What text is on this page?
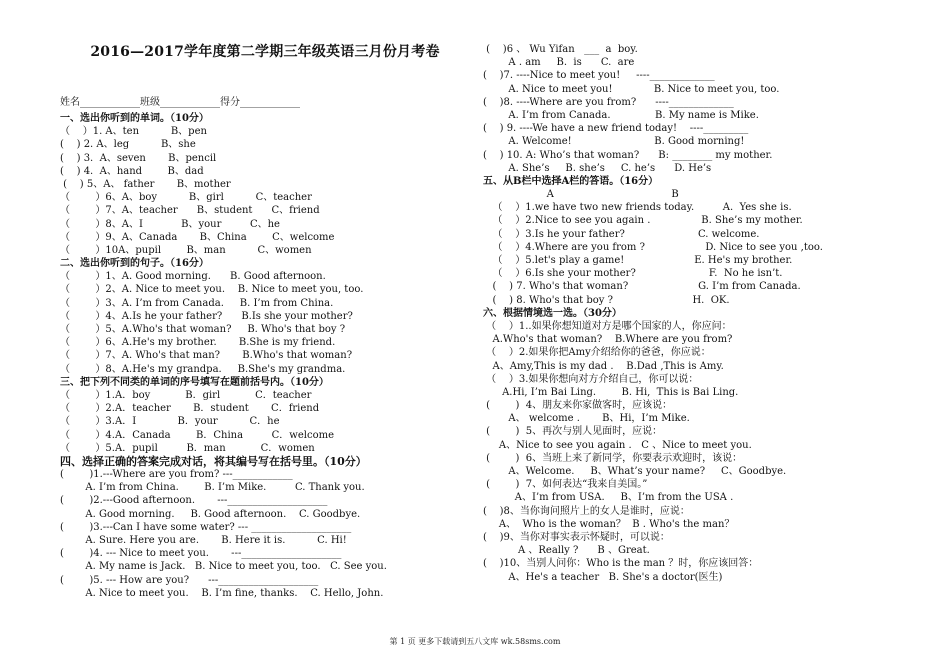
2016—2017学年度第二学期三年级英语三月份月考卷
一、选出你听到的单词。（10分）
（    ）1. A、ten          B、pen
(    ) 2. A、leg          B、she
(    ) 3.  A、seven       B、pencil
(    ) 4.  A、hand        B、dad
(    ) 5、A、 father       B、mother
（        ）6、A、boy          B、girl          C、teacher
（        ）7、A、teacher      B、student      C、friend
（        ）8、A、I            B、your         C、he
（        ）9、A、Canada       B、China        C、welcome
（        ）10A、pupil        B、man          C、women
二、选出你听到的句子。（16分）
（        ）1、A. Good morning.      B. Good afternoon.
（        ）2、A. Nice to meet you.    B. Nice to meet you, too.
（        ）3、A. I’m from Canada.     B. I’m from China.
（        ）4、A.Is he your father?      B.Is she your mother?
（        ）5、A.Who's that woman?     B. Who's that boy ?
（        ）6、A.He's my brother.       B.She is my friend.
（        ）7、A. Who's that man?       B.Who's that woman?
（        ）8、A.He's my grandpa.     B.She's my grandma.
三、把下列不同类的单词的序号填写在题前括号内。（10分）
（        ）1.A．boy           B．girl           C．teacher
（        ）2.A．teacher       B．student       C．friend
（        ）3.A．I             B．your          C．he
（        ）4.A．Canada        B．China         C．welcome
（        ）5.A．pupil         B．man           C．women
四、选择正确的答案完成对话，将其编号写在括号里。（10分）
(        )1.---Where are you from? ---____________
A. I’m from China.        B. I’m Mike.         C. Thank you.
(        )2.---Good afternoon.       ---____________________
A. Good morning.     B. Good afternoon.    C. Goodbye.
(        )3.---Can I have some water? --- ____________________
A. Sure. Here you are.       B. Here it is.          C. Hi!
(        )4. --- Nice to meet you.       ---____________________
A. My name is Jack.   B. Nice to meet you, too.   C. See you.
(        )5. --- How are you?      ---____________________
A. Nice to meet you.    B. I’m fine, thanks.    C. Hello, John.
姓名____________班级____________得分____________
(    )6 、 Wu Yifan   ___  a  boy.
A . am     B.  is      C.  are
(    )7. ----Nice to meet you!     ----_____________
A. Nice to meet you!             B. Nice to meet you, too.
(    )8. ----Where are you from?      ----_____________
A. I’m from Canada.              B. My name is Mike.
(    ) 9. ----We have a new friend today!    ----_________
A. Welcome!                          B. Good morning!
(    ) 10. A: Who’s that woman?      B: ________ my mother.
A. She’s     B. she’s     C. he’s      D. He’s
五、从B栏中选择A栏的答语。（16分）
A                                     B
（    ）1.we have two new friends today.         A.  Yes she is.
（    ）2.Nice to see you again .                B. She’s my mother.
（    ）3.Is he your father?                       C. welcome.
（    ）4.Where are you from ?                   D. Nice to see you ,too.
（    ）5.let's play a game!                      E. He's my brother.
（    ）6.Is she your mother?                       F.  No he isn’t.
(    ) 7. Who's that woman?                      G. I’m from Canada.
(    ) 8. Who's that boy ?                         H.  OK.
六、根据情境选一选。（30分）
（    ）1..如果你想知道对方是哪个国家的人，你应问：
A.Who's that woman?    B.Where are you from?
（    ）2.如果你把Amy介绍给你的爸爸，你应说：
A、Amy,This is my dad .    B.Dad ,This is Amy.
（    ）3.如果你想向对方介绍自己，你可以说：
A.Hi, I’m Bai Ling.        B. Hi,  This is Bai Ling.
(        )  4、朋友来你家做客时，应该说：
A、 welcome .       B、Hi，I’m Mike.
(        )  5、再次与别人见面时，应说：
A、Nice to see you again .   C 、Nice to meet you.
(        )  6、当班上来了新同学，你要表示欢迎时，该说：
A、Welcome.     B、What’s your name?     C、Goodbye.
(        )  7、如何表达“我来自美国。”
A、I’m from USA.     B、I’m from the USA .
(    )8、当你询问照片上的女人是谁时，应说：
A、  Who is the woman？  B . Who's the man？
(    )9、当你对事实表示怀疑时，可以说：
A 、Really ?      B 、Great.
(    )10、当别人问你：Who is the man ？时，你应该回答：
A、He's a teacher   B. She's a doctor(医生)
第 1 页 更多下载请到五八文库 wk.58sms.com
